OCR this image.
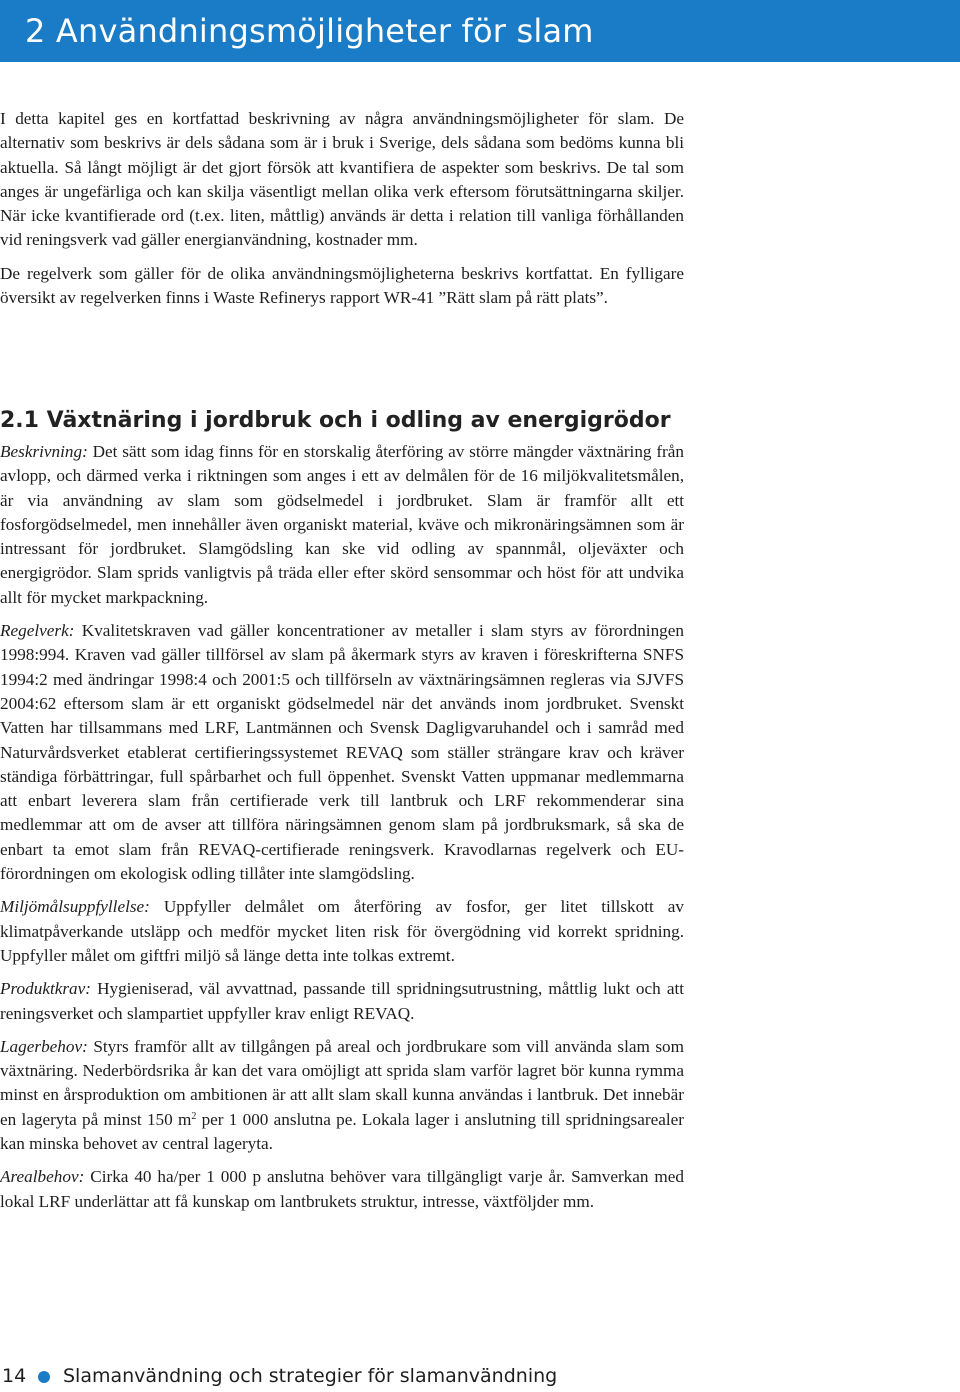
2 Användningsmöjligheter för slam

I detta kapitel ges en kortfattad beskrivning av några användningsmöjligheter för slam. De alternativ som beskrivs är dels sådana som är i bruk i Sverige, dels sådana som bedöms kunna bli aktuella. Så långt möjligt är det gjort försök att kvantifiera de aspekter som beskrivs. De tal som anges är ungefärliga och kan skilja väsentligt mellan olika verk eftersom förutsättningarna skiljer. När icke kvantifierade ord (t.ex. liten, måttlig) används är detta i relation till vanliga förhållanden vid reningsverk vad gäller energianvändning, kostnader mm.

De regelverk som gäller för de olika användningsmöjligheterna beskrivs kortfattat. En fylligare översikt av regelverken finns i Waste Refinerys rapport WR-41 ”Rätt slam på rätt plats”.

2.1 Växtnäring i jordbruk och i odling av energigrödor

Beskrivning: Det sätt som idag finns för en storskalig återföring av större mängder växtnäring från avlopp, och därmed verka i riktningen som anges i ett av delmålen för de 16 miljökvalitetsmålen, är via användning av slam som gödselmedel i jordbruket. Slam är framför allt ett fosforgödselmedel, men innehåller även organiskt material, kväve och mikronäringsämnen som är intressant för jordbruket. Slamgödsling kan ske vid odling av spannmål, oljeväxter och energigrödor. Slam sprids vanligtvis på träda eller efter skörd sensommar och höst för att undvika allt för mycket markpackning.

Regelverk: Kvalitetskraven vad gäller koncentrationer av metaller i slam styrs av förordningen 1998:994. Kraven vad gäller tillförsel av slam på åkermark styrs av kraven i föreskrifterna SNFS 1994:2 med ändringar 1998:4 och 2001:5 och tillförseln av växtnäringsämnen regleras via SJVFS 2004:62 eftersom slam är ett organiskt gödselmedel när det används inom jordbruket. Svenskt Vatten har tillsammans med LRF, Lantmännen och Svensk Dagligvaruhandel och i samråd med Naturvårdsverket etablerat certifieringssystemet REVAQ som ställer strängare krav och kräver ständiga förbättringar, full spårbarhet och full öppenhet. Svenskt Vatten uppmanar medlemmarna att enbart leverera slam från certifierade verk till lantbruk och LRF rekommenderar sina medlemmar att om de avser att tillföra näringsämnen genom slam på jordbruksmark, så ska de enbart ta emot slam från REVAQ-certifierade reningsverk. Kravodlarnas regelverk och EU-förordningen om ekologisk odling tillåter inte slamgödsling.

Miljömålsuppfyllelse: Uppfyller delmålet om återföring av fosfor, ger litet tillskott av klimatpåverkande utsläpp och medför mycket liten risk för övergödning vid korrekt spridning. Uppfyller målet om giftfri miljö så länge detta inte tolkas extremt.

Produktkrav: Hygieniserad, väl avvattnad, passande till spridningsutrustning, måttlig lukt och att reningsverket och slampartiet uppfyller krav enligt REVAQ.

Lagerbehov: Styrs framför allt av tillgången på areal och jordbrukare som vill använda slam som växtnäring. Nederbördsrika år kan det vara omöjligt att sprida slam varför lagret bör kunna rymma minst en årsproduktion om ambitionen är att allt slam skall kunna användas i lantbruk. Det innebär en lageryta på minst 150 $m^2$ per 1 000 anslutna pe. Lokala lager i anslutning till spridningsarealer kan minska behovet av central lageryta.

Arealbehov: Cirka 40 ha/per 1 000 p anslutna behöver vara tillgängligt varje år. Samverkan med lokal LRF underlättar att få kunskap om lantbrukets struktur, intresse, växtföljder mm.

14 Slamanvändning och strategier för slamanvändning
